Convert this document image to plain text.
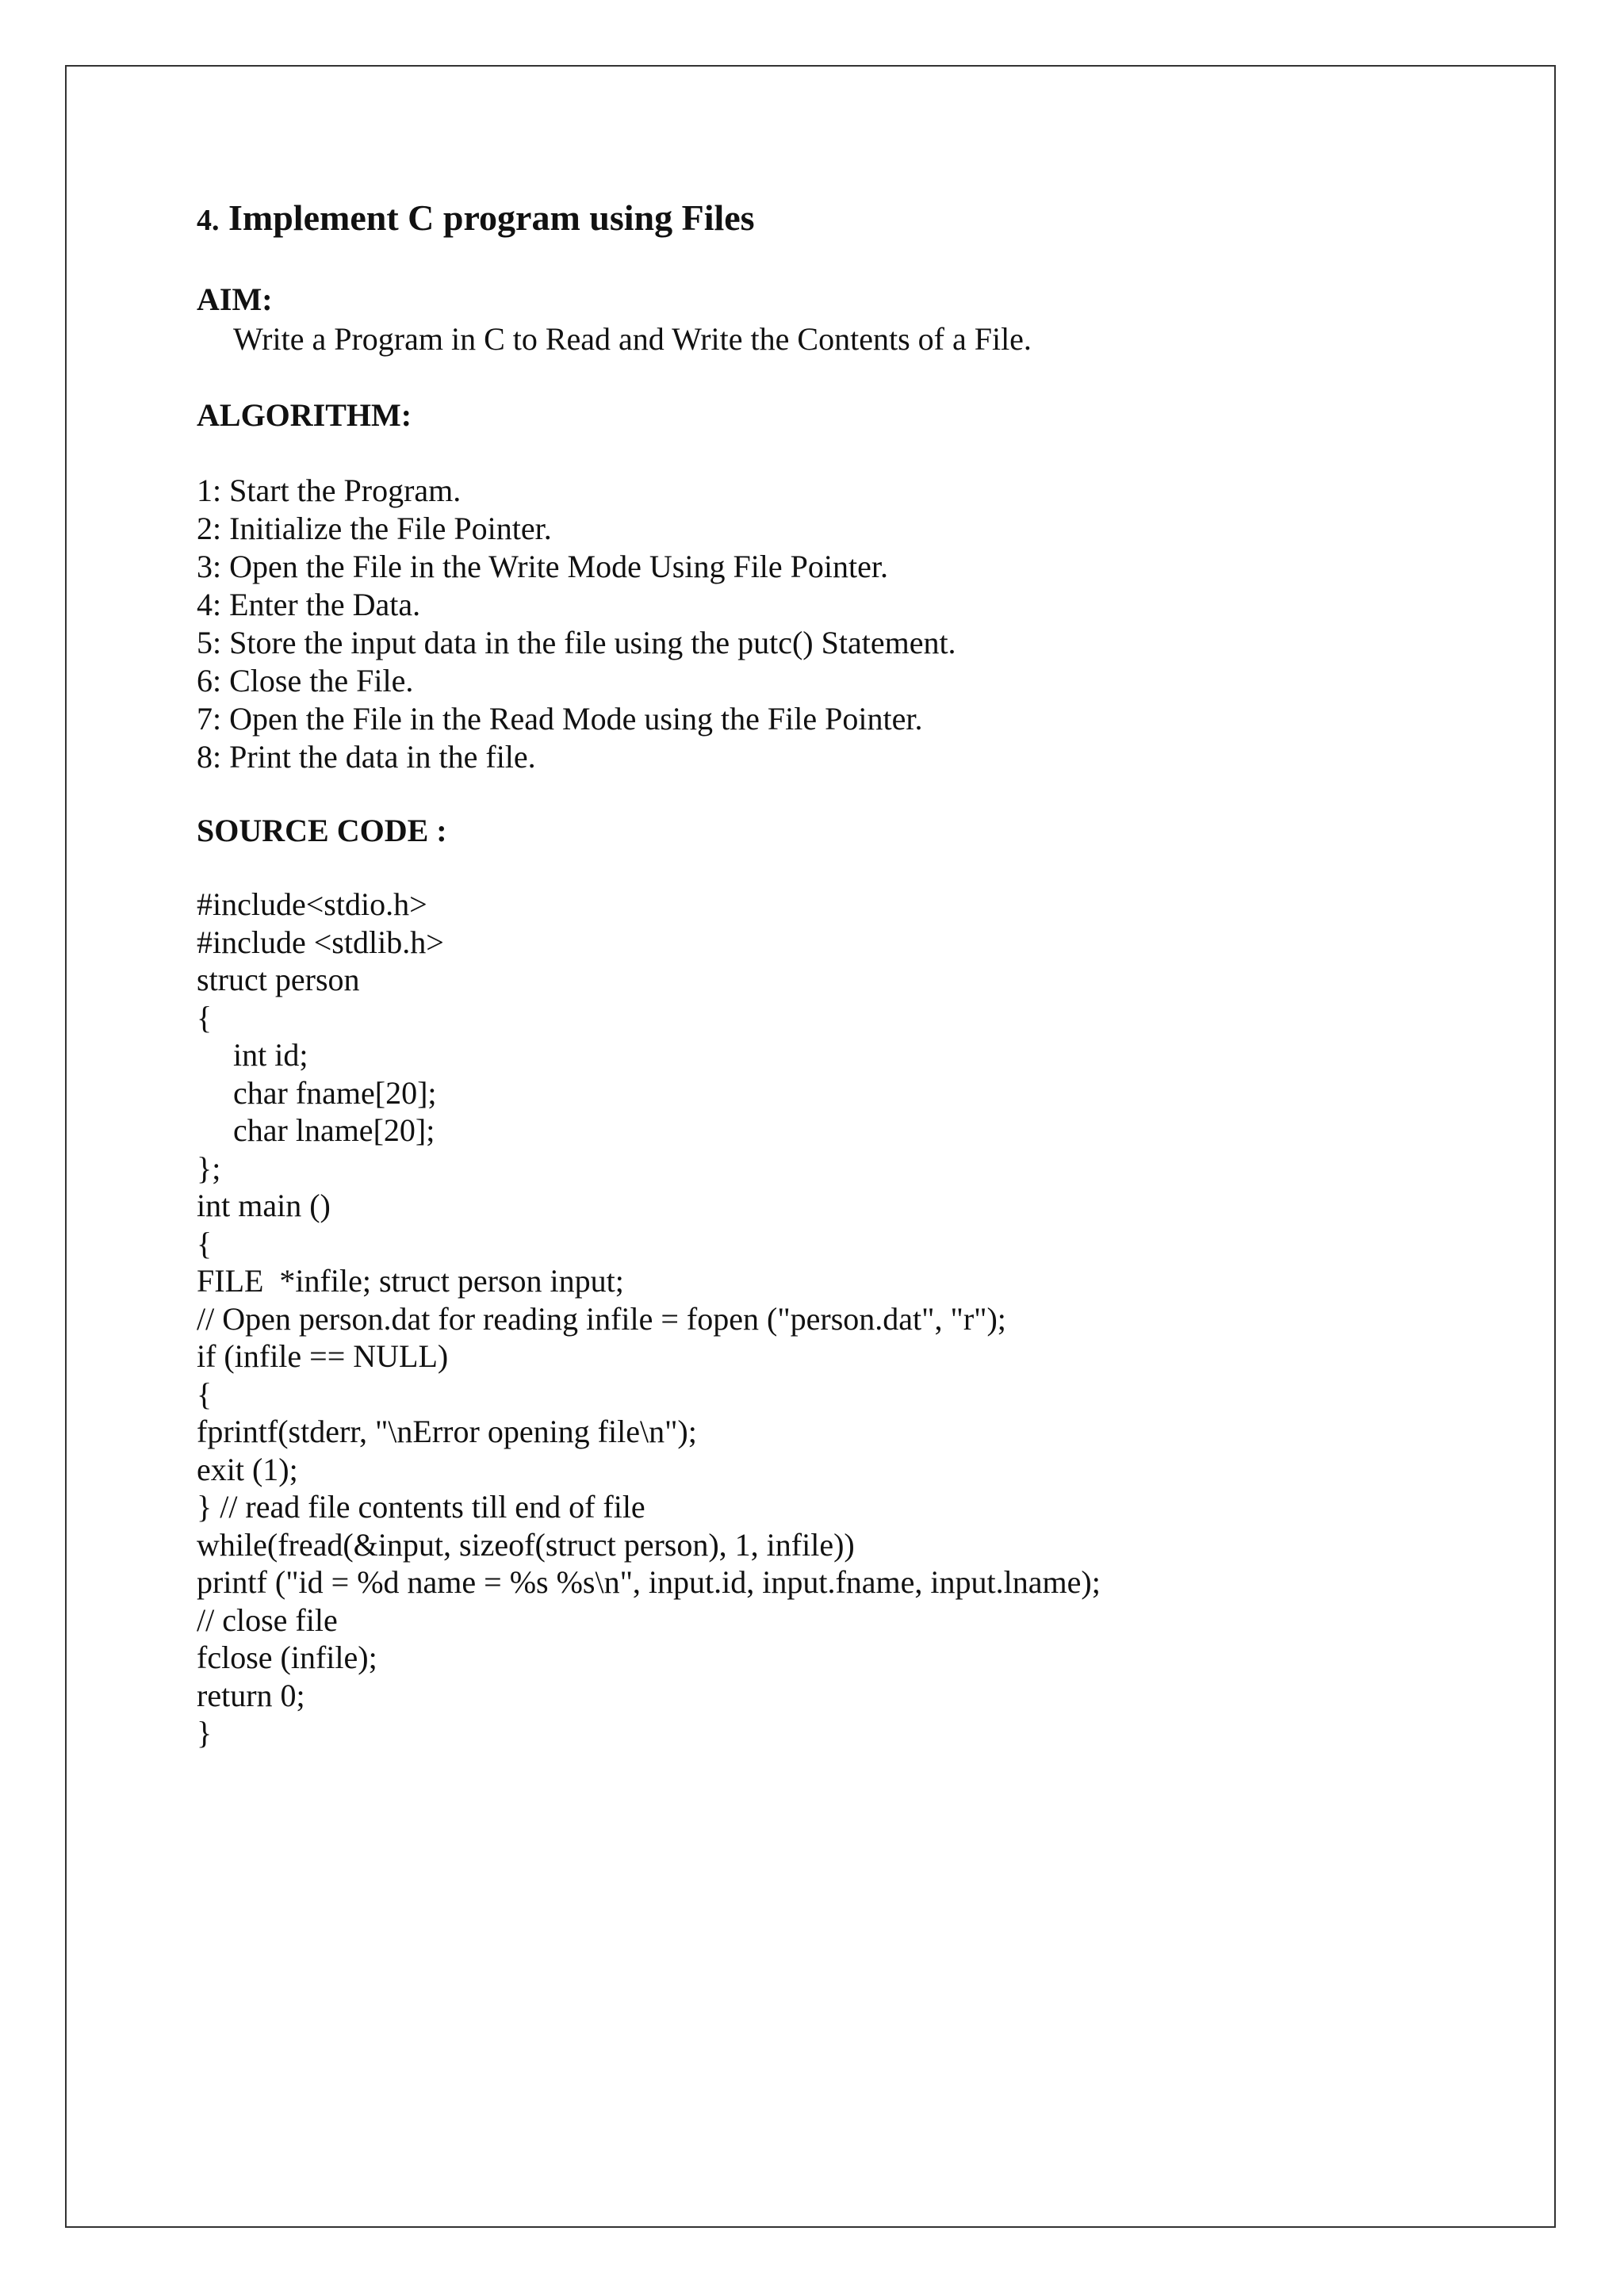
4. Implement C program using Files
AIM:

Write a Program in C to Read and Write the Contents of a File.

ALGORITHM:
1: Start the Program.
2: Initialize the File Pointer.
3: Open the File in the Write Mode Using File Pointer.
4: Enter the Data.
5: Store the input data in the file using the putc() Statement.
6: Close the File.
7: Open the File in the Read Mode using the File Pointer.
8: Print the data in the file.
SOURCE CODE :
#include<stdio.h>
#include <stdlib.h>
struct person
{
int id;
char fname[20];
char lname[20];
};
int main ()
{
FILE  *infile; struct person input;
// Open person.dat for reading infile = fopen ("person.dat", "r");
if (infile == NULL)
{
fprintf(stderr, "\nError opening file\n");
exit (1);
} // read file contents till end of file
while(fread(&input, sizeof(struct person), 1, infile))
printf ("id = %d name = %s %s\n", input.id, input.fname, input.lname);
// close file
fclose (infile);
return 0;
}
